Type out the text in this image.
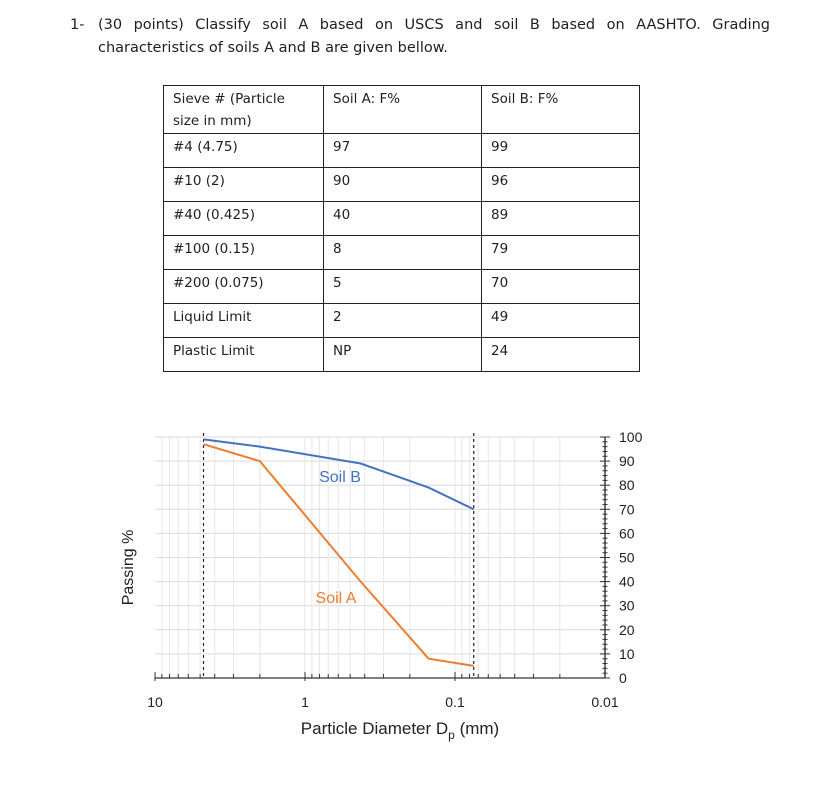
1- (30 points) Classify soil A based on USCS and soil B based on AASHTO. Grading characteristics of soils A and B are given bellow.
Sieve # (Particle size in mm)	Soil A: F%	Soil B: F%
#4 (4.75)	97	99
#10 (2)	90	96
#40 (0.425)	40	89
#100 (0.15)	8	79
#200 (0.075)	5	70
Liquid Limit	2	49
Plastic Limit	NP	24
0
10
20
30
40
50
60
70
80
90
100
10	1	0.1	0.01
Soil A
Soil B
Passing %
Particle Diameter $D_p$ (mm)
